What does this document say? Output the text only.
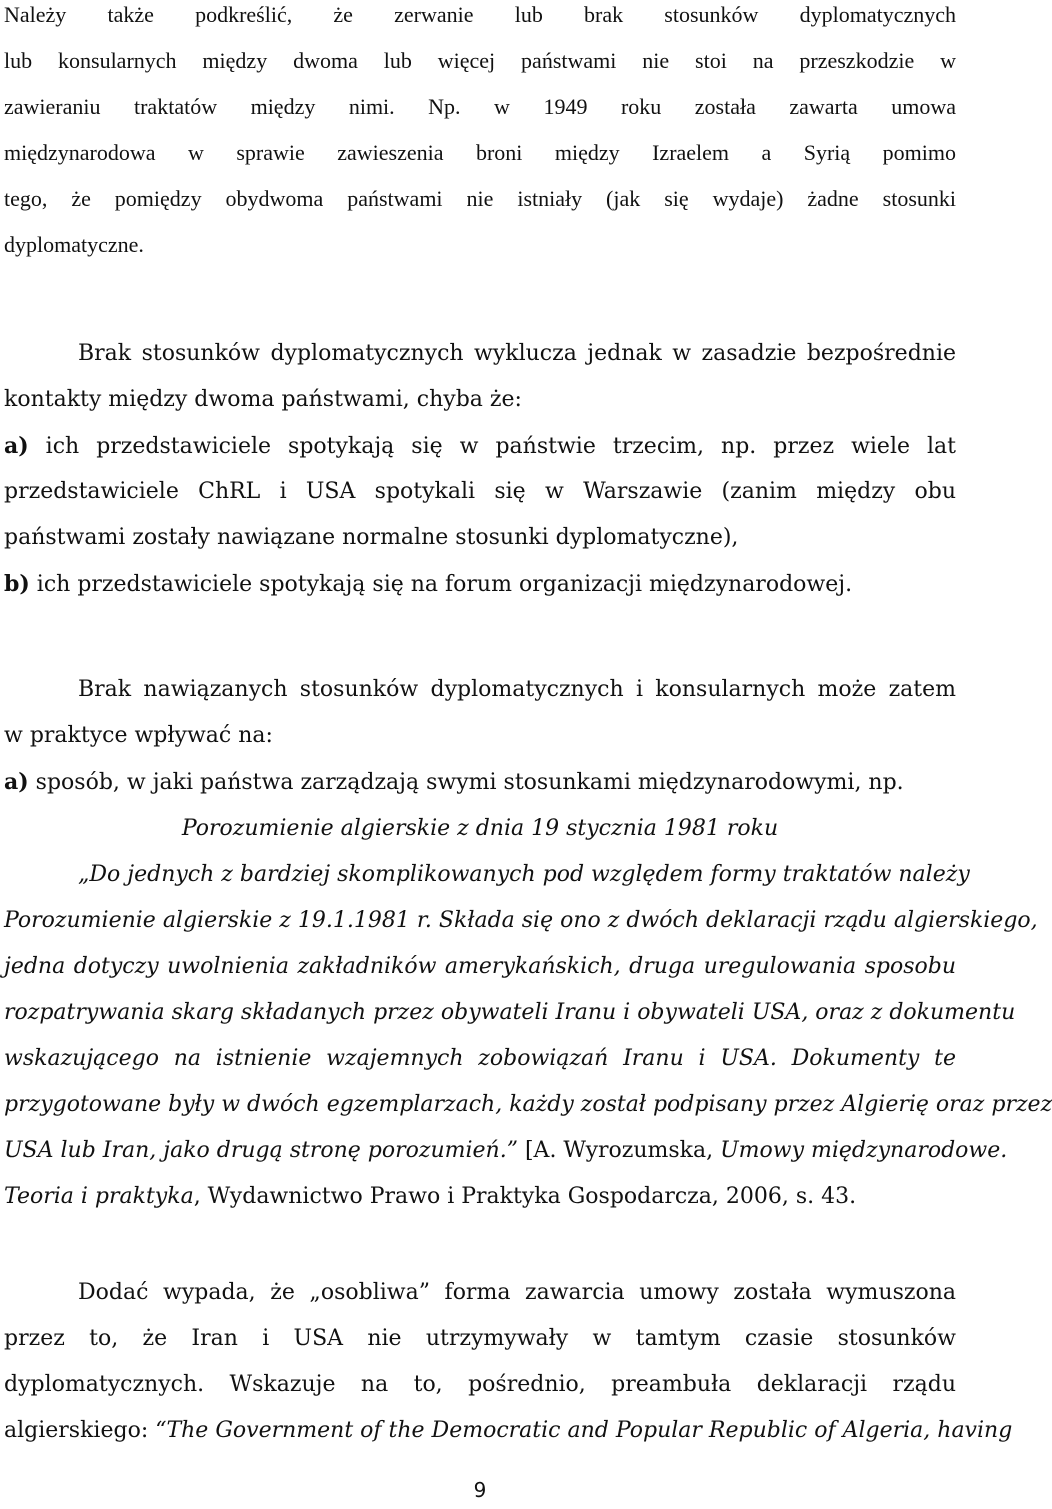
Należy także podkreślić, że zerwanie lub brak stosunków dyplomatycznych
lub konsularnych między dwoma lub więcej państwami nie stoi na przeszkodzie w
zawieraniu traktatów między nimi. Np. w 1949 roku została zawarta umowa
międzynarodowa w sprawie zawieszenia broni między Izraelem a Syrią pomimo
tego, że pomiędzy obydwoma państwami nie istniały (jak się wydaje) żadne stosunki
dyplomatyczne.
Brak stosunków dyplomatycznych wyklucza jednak w zasadzie bezpośrednie
kontakty między dwoma państwami, chyba że:
a) ich przedstawiciele spotykają się w państwie trzecim, np. przez wiele lat
przedstawiciele ChRL i USA spotykali się w Warszawie (zanim między obu
państwami zostały nawiązane normalne stosunki dyplomatyczne),
b) ich przedstawiciele spotykają się na forum organizacji międzynarodowej.
Brak nawiązanych stosunków dyplomatycznych i konsularnych może zatem
w praktyce wpływać na:
a) sposób, w jaki państwa zarządzają swymi stosunkami międzynarodowymi, np.
Porozumienie algierskie z dnia 19 stycznia 1981 roku
„Do jednych z bardziej skomplikowanych pod względem formy traktatów należy
Porozumienie algierskie z 19.1.1981 r. Składa się ono z dwóch deklaracji rządu algierskiego,
jedna dotyczy uwolnienia zakładników amerykańskich, druga uregulowania sposobu
rozpatrywania skarg składanych przez obywateli Iranu i obywateli USA, oraz z dokumentu
wskazującego na istnienie wzajemnych zobowiązań Iranu i USA. Dokumenty te
przygotowane były w dwóch egzemplarzach, każdy został podpisany przez Algierię oraz przez
USA lub Iran, jako drugą stronę porozumień.” [A. Wyrozumska, Umowy międzynarodowe.
Teoria i praktyka, Wydawnictwo Prawo i Praktyka Gospodarcza, 2006, s. 43.
Dodać wypada, że „osobliwa” forma zawarcia umowy została wymuszona
przez to, że Iran i USA nie utrzymywały w tamtym czasie stosunków
dyplomatycznych. Wskazuje na to, pośrednio, preambuła deklaracji rządu
algierskiego: “The Government of the Democratic and Popular Republic of Algeria, having
9
